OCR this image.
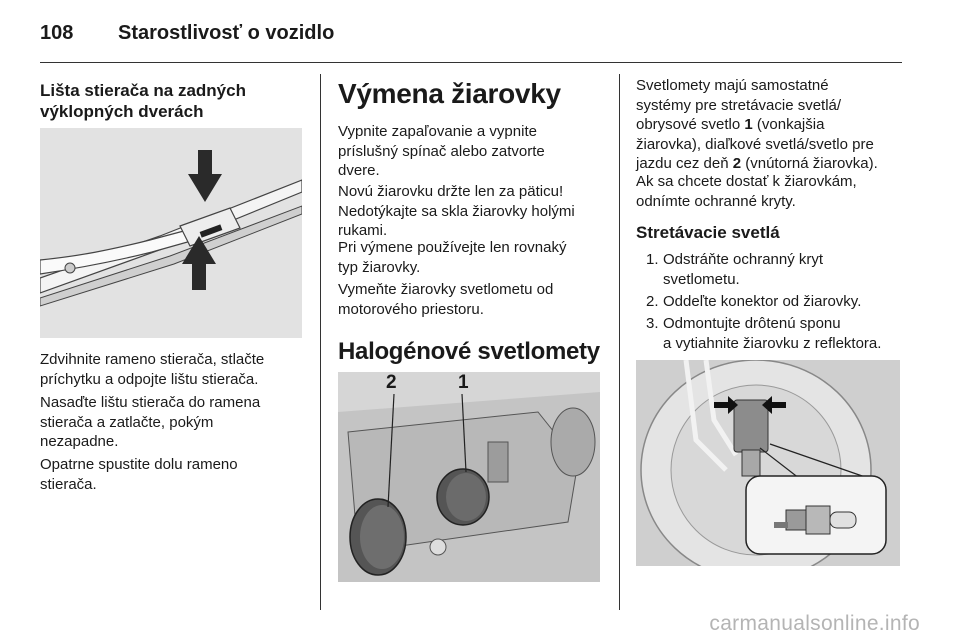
108 Starostlivosť o vozidlo
Lišta stierača na zadných
výklopných dverách
Zdvihnite rameno stierača, stlačte
príchytku a odpojte lištu stierača.
Nasaďte lištu stierača do ramena
stierača a zatlačte, pokým
nezapadne.
Opatrne spustite dolu rameno
stierača.
Výmena žiarovky
Vypnite zapaľovanie a vypnite
príslušný spínač alebo zatvorte
dvere.
Novú žiarovku držte len za päticu!
Nedotýkajte sa skla žiarovky holými
rukami.
Pri výmene používejte len rovnaký
typ žiarovky.
Vymeňte žiarovky svetlometu od
motorového priestoru.
Halogénové svetlomety
2	1
Svetlomety majú samostatné
systémy pre stretávacie svetlá/
obrysové svetlo 1 (vonkajšia
žiarovka), diaľkové svetlá/svetlo pre
jazdu cez deň 2 (vnútorná žiarovka).
Ak sa chcete dostať k žiarovkám,
odnímte ochranné kryty.
Stretávacie svetlá
1. Odstráňte ochranný kryt
svetlometu.
2. Oddeľte konektor od žiarovky.
3. Odmontujte drôtenú sponu
a vytiahnite žiarovku z reflektora.
carmanualsonline.info
